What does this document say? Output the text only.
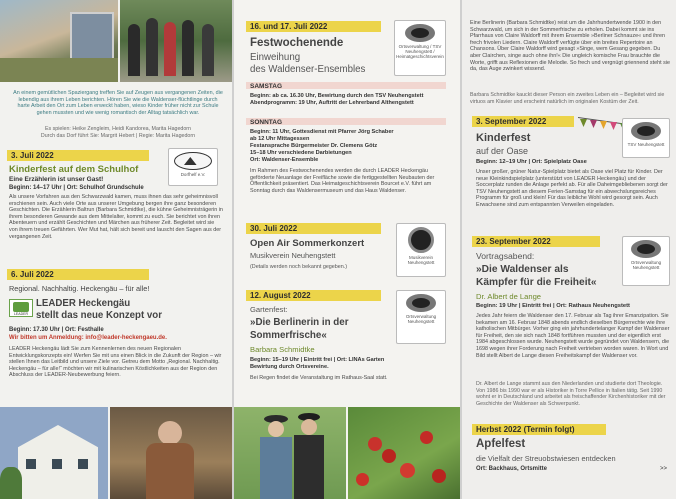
An einem gemütlichen Spaziergang treffen Sie auf Zeugen aus vergangenen Zeiten, die lebendig aus ihrem Leben berichten. Hören Sie wie die Waldenser-flüchtlinge durch harte Arbeit den Ort zum Leben erweckt haben, wieso Kinder früher nicht zur Schule gehen mussten und wie wenig romantisch der Alltag tatsächlich war.
Es spielen: Heike Zengleim, Heidi Kandorea, Marita Hagedorn
Durch das Dorf führt Sie: Margrit Hebert | Regie: Marita Hagedorn
3. Juli 2022
Kinderfest auf dem Schulhof
Eine Erzählerin ist unser Gast!
Beginn: 14–17 Uhr | Ort: Schulhof Grundschule
Als unsere Vorfahren aus den Schwarzwald kamen, muss ihnen das sehr geheimnisvoll erschienen sein. Auch viele Orte aus unserer Umgebung bergen ihre ganz besonderen Geschichten. Die Erzählerin Baltrun (Barbara Schmidtke), die kühne Geheimnisträgerin in ihrem besonderen Gewande aus dem Mittelalter, kommt zu euch. Sie berichtet von ihren Abenteuern und erzählt Geschichten und Märchen aus früherer Zeit. Begleitet wird sie von ihrem treuen Gefährten. Wer Mut hat, hält sich bereit und lauscht den Sagen aus der vergangenen Zeit.
Dorfhelf e.V.
6. Juli 2022
Regional. Nachhaltig. Heckengäu – für alle!
LEADER
LEADER Heckengäu
stellt das neue Konzept vor
Beginn: 17.30 Uhr | Ort: Festhalle
Wir bitten um Anmeldung: info@leader-heckengaeu.de.
LEADER Heckengäu lädt Sie zum Kennenlernen des neuen Regionalen Entwicklungskonzepts ein! Werfen Sie mit uns einen Blick in die Zukunft der Region – wir stellen Ihnen das Leitbild und unsere Ziele vor. Getreu dem Motto „Regional. Nachhaltig. Heckengäu – für alle!“ möchten wir mit kulinarischen Köstlichkeiten aus der Region den Abschluss der LEADER-Neubewerbung feiern.
16. und 17. Juli 2022
Festwochenende
Einweihung
des Waldenser-Ensembles
Ortsverwaltung / TSV Neuhengstett / Heimatgeschichtsverein
SAMSTAG
Beginn: ab ca. 16.30 Uhr, Bewirtung durch den TSV Neuhengstett
Abendprogramm: 19 Uhr, Auftritt der Lehrerband Althengstett
SONNTAG
Beginn: 11 Uhr, Gottesdienst mit Pfarrer Jörg Schaber
ab 12 Uhr Mittagessen
Festansprache Bürgermeister Dr. Clemens Götz
15–18 Uhr verschiedene Darbietungen
Ort: Waldenser-Ensemble
Im Rahmen des Festwochenendes werden die durch LEADER Heckengäu geförderte Neuanlage der Freifläche sowie die fertiggestellten Neubauten der Öffentlichkeit präsentiert. Das Heimatgeschichtsverein Bourcet e.V. führt am Sonntag durch das Waldensermuseum und das Haus Waldenser.
30. Juli 2022
Open Air Sommerkonzert
Musikverein Neuhengstett
(Details werden noch bekannt gegeben.)
Musikverein Neuhengstett
12. August 2022
Gartenfest:
»Die Berlinerin in der
Sommerfrische«
Barbara Schmidtke
Beginn: 15–19 Uhr | Eintritt frei | Ort: LINAs Garten
Bewirtung durch Ortsvereine.
Bei Regen findet die Veranstaltung im Rathaus-Saal statt.
Ortsverwaltung Neuhengstett
Eine Berlinerin (Barbara Schmidtke) reist um die Jahrhundertwende 1900 in den Schwarzwald, um sich in der Sommerfrische zu erholen. Dabei kommt sie ins Pfarrhaus von Claire Waldorff mit ihrem Ensemble »Berliner Schnauze« und ihren frech frivolen Liedern. Claire Waldorff verfügte über ein breites Repertoire an Chansons. Über Claire Waldorff wird gesagt »Singe, wem Gesang gegeben. Du aber Clairchen, singe auch ohne ihn!« Die ungleich komische Frau brauchte die Worte, grifft aus Reflexionen die Melodie. So frech und vergnügt griennend steht sie da, das Auge zwinkert wissend.
Barbara Schmidtke kauckt dieser Person ein zweites Leben ein – Begleitet wird sie virtuos am Klavier und erscheint natürlich im originalen Kostüm der Zeit.
3. September 2022
Kinderfest
auf der Oase
Beginn: 12–19 Uhr | Ort: Spielplatz Oase
Unser großer, grüner Natur-Spielplatz bietet als Oase viel Platz für Kinder. Der neue Kleinkindspielplatz (unterstützt von LEADER Heckengäu) und der Soccerplatz runden die Anlage perfekt ab. Für alle Daheimgebliebenen sorgt der TSV Neuhengstett an diesem Ferien-Samstag für ein abwechslungsreiches Programm für groß und klein! Für das leibliche Wohl wird gesorgt sein. Auch Erwachsene sind zum entspannten Verweilen eingeladen.
TSV Neuhengstett
23. September 2022
Vortragsabend:
»Die Waldenser als
Kämpfer für die Freiheit«
Dr. Albert de Lange
Beginn: 19 Uhr | Eintritt frei | Ort: Rathaus Neuhengstett
Jedes Jahr feiern die Waldenser den 17. Februar als Tag ihrer Emanzipation. Sie bekamen am 16. Februar 1848 abends endlich dieselben Bürgerrechte wie ihre katholischen Mitbürger. Vorher ging ein jahrhundertelanger Kampf der Waldenser für Freiheit, den sie sich nach 1848 fortführen mussten und der eigentlich erst 1984 abgeschlossen wurde. Neuhengstett wurde gegründet von Waldensern, die 1698 wegen ihrer Forderung nach Freiheit vertrieben worden waren. In Wort und Bild stellt Albert de Lange diesen Freiheitskampf der Waldenser vor.
Dr. Albert de Lange stammt aus den Niederlanden und studierte dort Theologie. Von 1986 bis 1990 war er als Historiker in Torre Pellice in Italien tätig. Seit 1990 wohnt er in Deutschland und arbeitet als freischaffender Kirchenhistoriker mit der Geschichte der Waldenser als Schwerpunkt.
Ortsverwaltung Neuhengstett
Herbst 2022 (Termin folgt)
Apfelfest
die Vielfalt der Streuobstwiesen entdecken
Ort: Backhaus, Ortsmitte	>>
